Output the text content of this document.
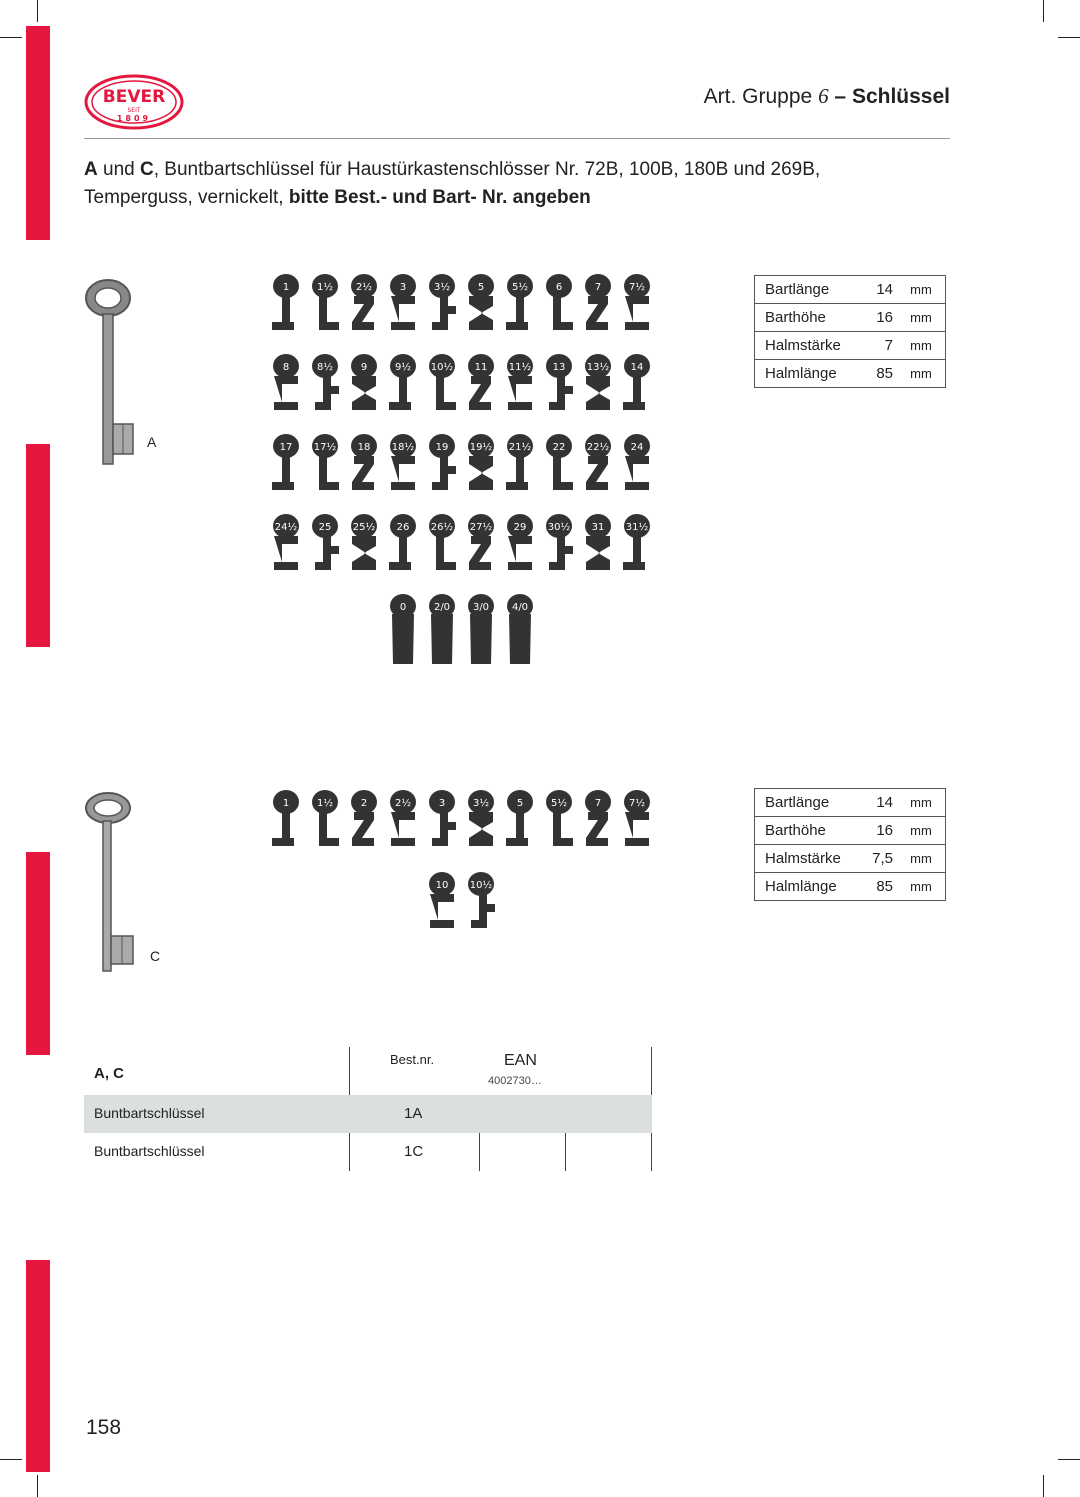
BEVER
SEIT
1809
Art. Gruppe 6 – Schlüssel
A und C, Buntbartschlüssel für Haustürkastenschlösser Nr. 72B, 100B, 180B und 269B,
Temperguss, vernickelt, bitte Best.- und Bart- Nr. angeben
A
1	1½ 2½	3	3½	5	5½	6	7	7½
8	8½	9	9½ 10½ 11 11½ 13 13½ 14
17 17½ 18 18½ 19 19½ 21½ 22 22½ 24
24½ 25 25½ 26 26½ 27½ 29 30½ 31 31½
0	2/0 3/0 4/0
Bartlänge	14	mm
Barthöhe	16	mm
Halmstärke	7	mm
Halmlänge	85	mm
C
1	1½	2	2½	3	3½	5	5½	7	7½
10 10½
Bartlänge	14	mm
Barthöhe	16	mm
Halmstärke	7,5	mm
Halmlänge	85	mm
A, C
Best.nr.	EAN
4002730…
Buntbartschlüssel	1A
Buntbartschlüssel	1C
158
